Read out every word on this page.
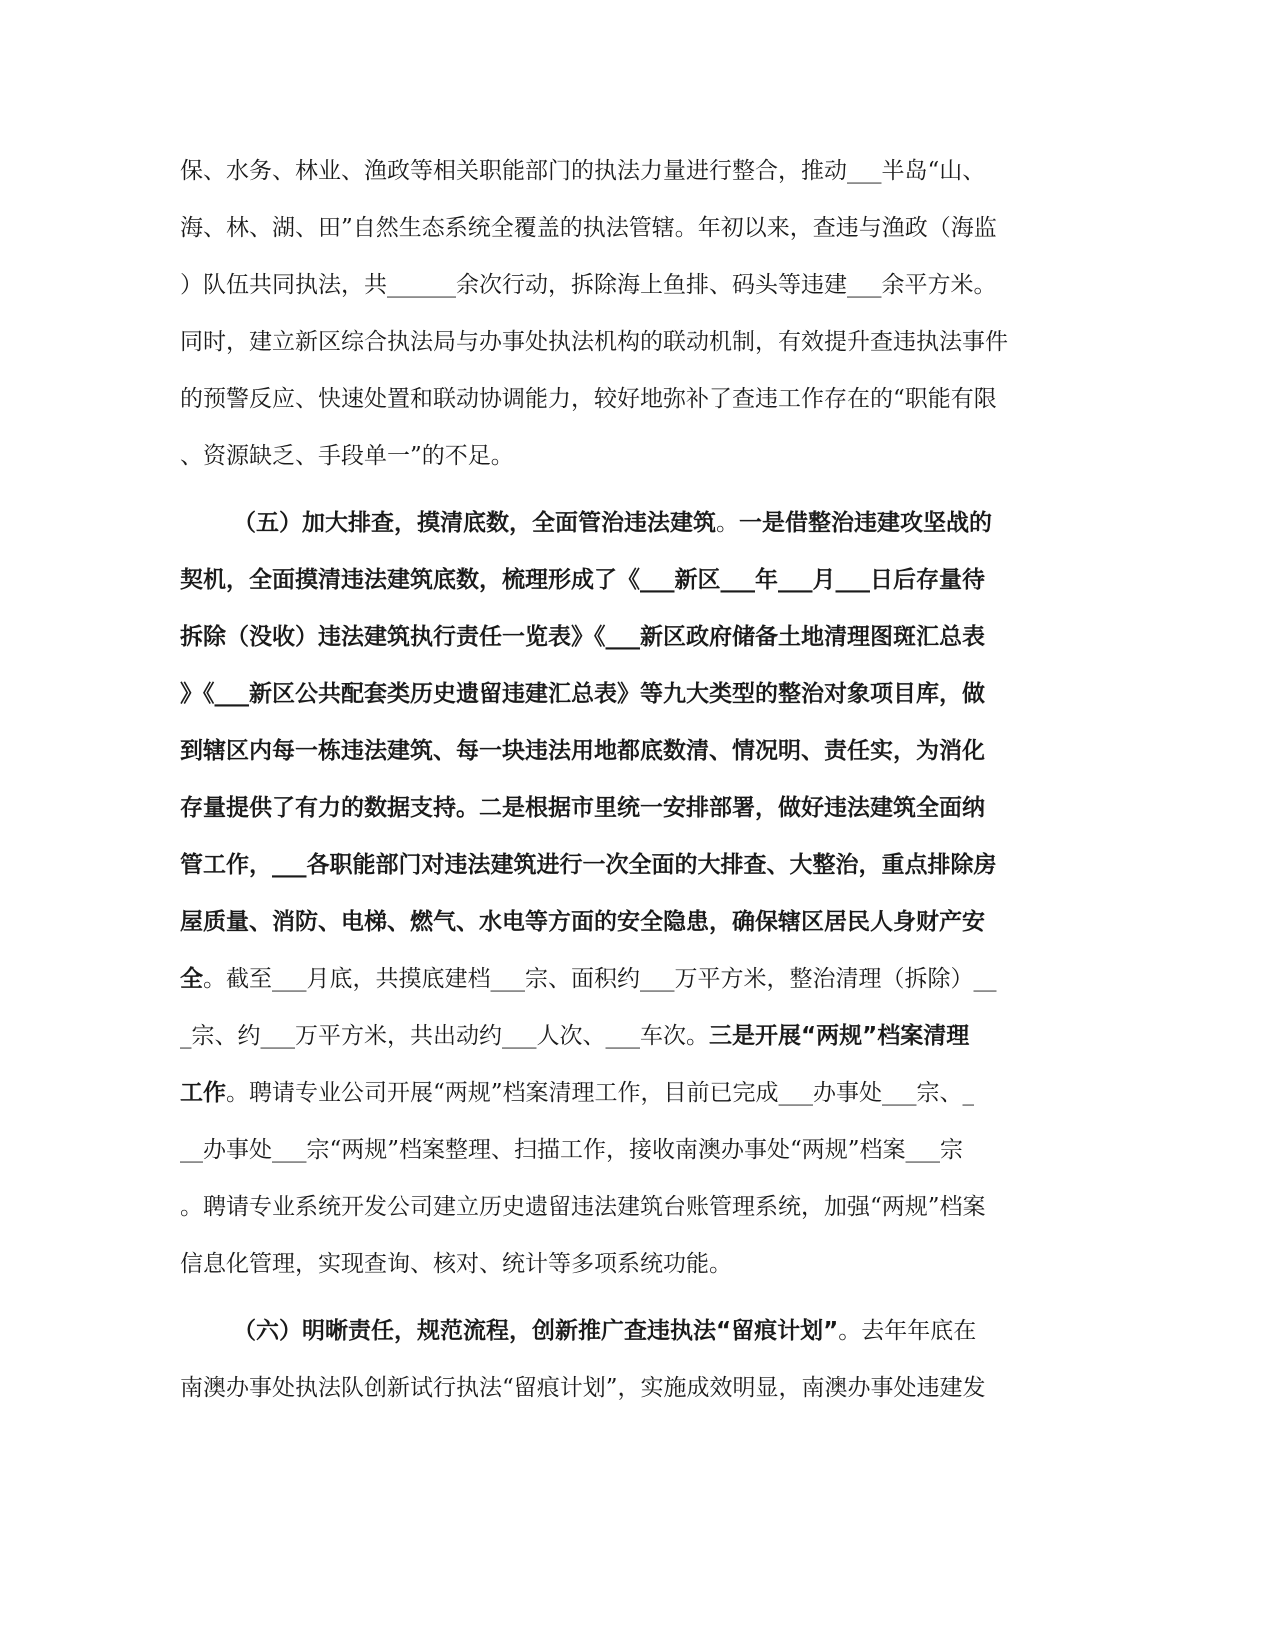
保、水务、林业、渔政等相关职能部门的执法力量进行整合，推动___半岛“山、
海、林、湖、田”自然生态系统全覆盖的执法管辖。年初以来，查违与渔政（海监
）队伍共同执法，共______余次行动，拆除海上鱼排、码头等违建___余平方米。
同时，建立新区综合执法局与办事处执法机构的联动机制，有效提升查违执法事件
的预警反应、快速处置和联动协调能力，较好地弥补了查违工作存在的“职能有限
、资源缺乏、手段单一”的不足。
（五）加大排查，摸清底数，全面管治违法建筑。一是借整治违建攻坚战的
契机，全面摸清违法建筑底数，梳理形成了《___新区___年___月___日后存量待
拆除（没收）违法建筑执行责任一览表》《___新区政府储备土地清理图斑汇总表
》《___新区公共配套类历史遗留违建汇总表》等九大类型的整治对象项目库，做
到辖区内每一栋违法建筑、每一块违法用地都底数清、情况明、责任实，为消化
存量提供了有力的数据支持。二是根据市里统一安排部署，做好违法建筑全面纳
管工作，___各职能部门对违法建筑进行一次全面的大排查、大整治，重点排除房
屋质量、消防、电梯、燃气、水电等方面的安全隐患，确保辖区居民人身财产安
全。截至___月底，共摸底建档___宗、面积约___万平方米，整治清理（拆除）__
_宗、约___万平方米，共出动约___人次、___车次。三是开展“两规”档案清理
工作。聘请专业公司开展“两规”档案清理工作，目前已完成___办事处___宗、_
__办事处___宗“两规”档案整理、扫描工作，接收南澳办事处“两规”档案___宗
。聘请专业系统开发公司建立历史遗留违法建筑台账管理系统，加强“两规”档案
信息化管理，实现查询、核对、统计等多项系统功能。
（六）明晰责任，规范流程，创新推广查违执法“留痕计划”。去年年底在
南澳办事处执法队创新试行执法“留痕计划”，实施成效明显，南澳办事处违建发
